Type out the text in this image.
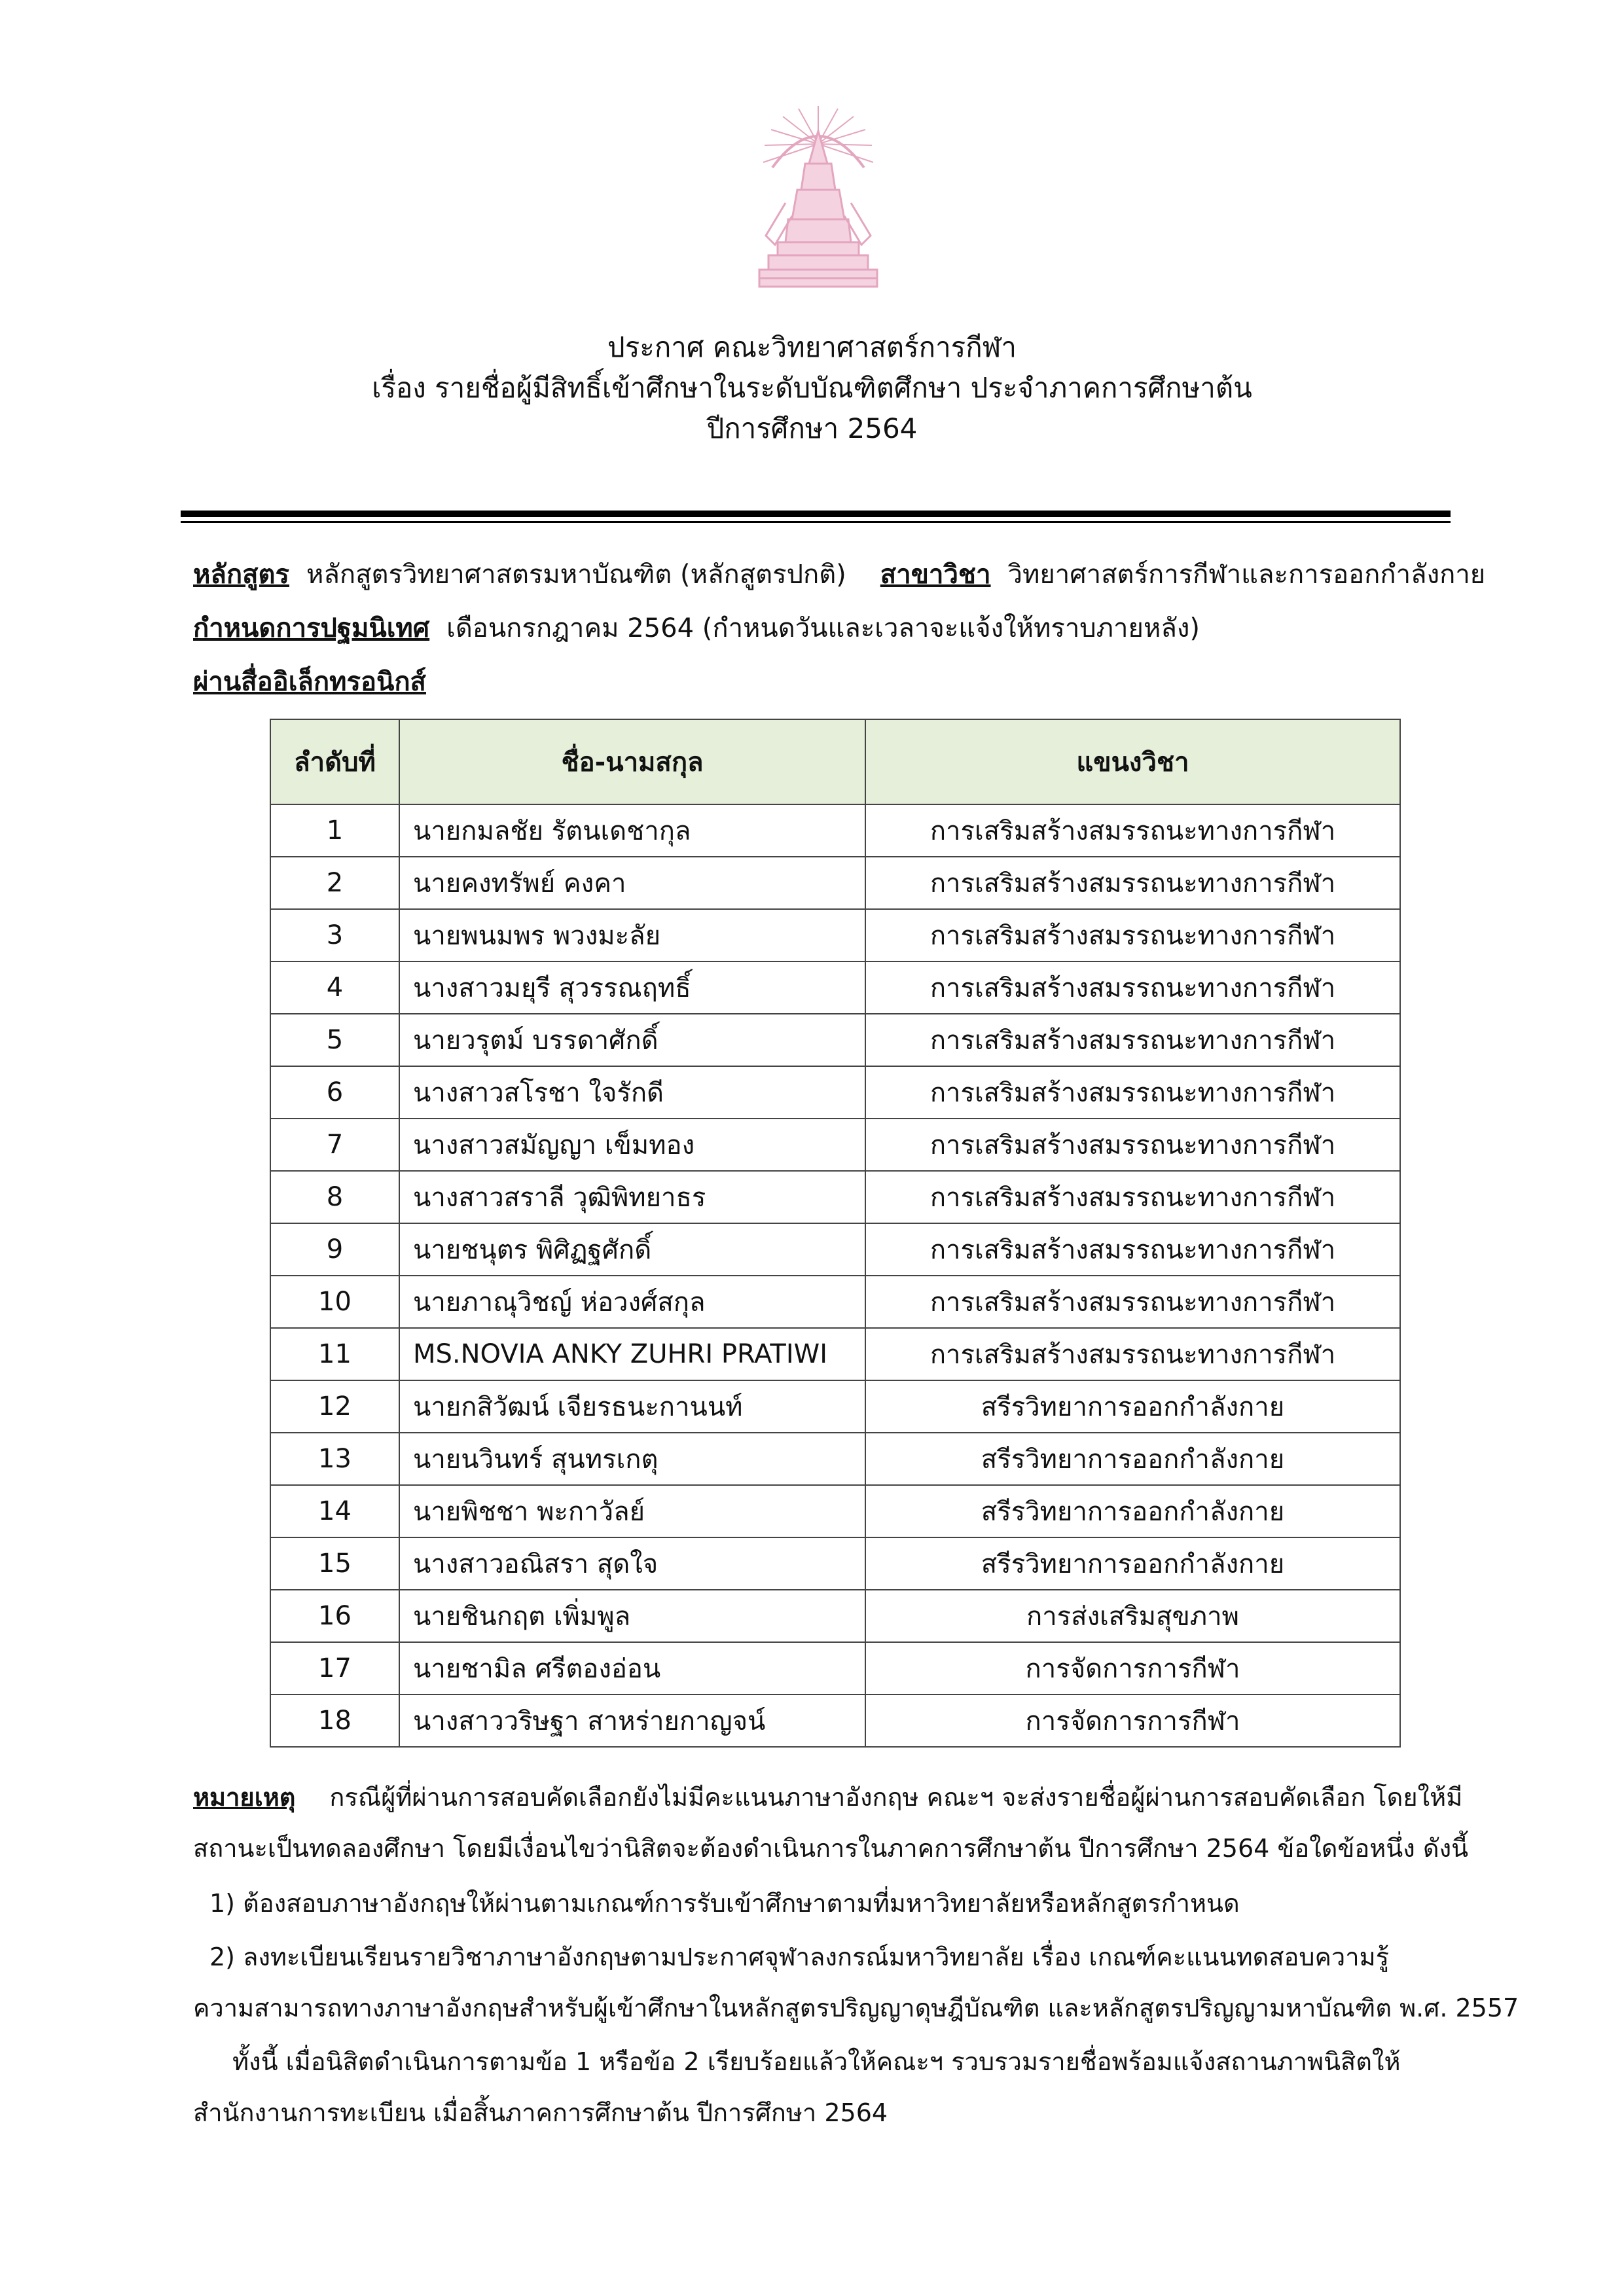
ประกาศ คณะวิทยาศาสตร์การกีฬา
เรื่อง รายชื่อผู้มีสิทธิ์เข้าศึกษาในระดับบัณฑิตศึกษา ประจำภาคการศึกษาต้น
ปีการศึกษา 2564
หลักสูตร หลักสูตรวิทยาศาสตรมหาบัณฑิต (หลักสูตรปกติ) สาขาวิชา วิทยาศาสตร์การกีฬาและการออกกำลังกาย
กำหนดการปฐมนิเทศ เดือนกรกฎาคม 2564 (กำหนดวันและเวลาจะแจ้งให้ทราบภายหลัง)
ผ่านสื่ออิเล็กทรอนิกส์
ลำดับที่	ชื่อ-นามสกุล	แขนงวิชา
1	นายกมลชัย รัตนเดชากุล	การเสริมสร้างสมรรถนะทางการกีฬา
2	นายคงทรัพย์ คงคา	การเสริมสร้างสมรรถนะทางการกีฬา
3	นายพนมพร พวงมะลัย	การเสริมสร้างสมรรถนะทางการกีฬา
4	นางสาวมยุรี สุวรรณฤทธิ์	การเสริมสร้างสมรรถนะทางการกีฬา
5	นายวรุตม์ บรรดาศักดิ์	การเสริมสร้างสมรรถนะทางการกีฬา
6	นางสาวสโรชา ใจรักดี	การเสริมสร้างสมรรถนะทางการกีฬา
7	นางสาวสมัญญา เข็มทอง	การเสริมสร้างสมรรถนะทางการกีฬา
8	นางสาวสราลี วุฒิพิทยาธร	การเสริมสร้างสมรรถนะทางการกีฬา
9	นายชนุตร พิศิฏฐศักดิ์	การเสริมสร้างสมรรถนะทางการกีฬา
10	นายภาณุวิชญ์ ห่อวงศ์สกุล	การเสริมสร้างสมรรถนะทางการกีฬา
11	MS.NOVIA ANKY ZUHRI PRATIWI	การเสริมสร้างสมรรถนะทางการกีฬา
12	นายกสิวัฒน์ เจียรธนะกานนท์	สรีรวิทยาการออกกำลังกาย
13	นายนวินทร์ สุนทรเกตุ	สรีรวิทยาการออกกำลังกาย
14	นายพิชชา พะกาวัลย์	สรีรวิทยาการออกกำลังกาย
15	นางสาวอณิสรา สุดใจ	สรีรวิทยาการออกกำลังกาย
16	นายชินกฤต เพิ่มพูล	การส่งเสริมสุขภาพ
17	นายชามิล ศรีตองอ่อน	การจัดการการกีฬา
18	นางสาววริษฐา สาหร่ายกาญจน์	การจัดการการกีฬา
หมายเหตุ กรณีผู้ที่ผ่านการสอบคัดเลือกยังไม่มีคะแนนภาษาอังกฤษ คณะฯ จะส่งรายชื่อผู้ผ่านการสอบคัดเลือก โดยให้มี
สถานะเป็นทดลองศึกษา โดยมีเงื่อนไขว่านิสิตจะต้องดำเนินการในภาคการศึกษาต้น ปีการศึกษา 2564 ข้อใดข้อหนึ่ง ดังนี้
1) ต้องสอบภาษาอังกฤษให้ผ่านตามเกณฑ์การรับเข้าศึกษาตามที่มหาวิทยาลัยหรือหลักสูตรกำหนด
2) ลงทะเบียนเรียนรายวิชาภาษาอังกฤษตามประกาศจุฬาลงกรณ์มหาวิทยาลัย เรื่อง เกณฑ์คะแนนทดสอบความรู้
ความสามารถทางภาษาอังกฤษสำหรับผู้เข้าศึกษาในหลักสูตรปริญญาดุษฎีบัณฑิต และหลักสูตรปริญญามหาบัณฑิต พ.ศ. 2557
ทั้งนี้ เมื่อนิสิตดำเนินการตามข้อ 1 หรือข้อ 2 เรียบร้อยแล้วให้คณะฯ รวบรวมรายชื่อพร้อมแจ้งสถานภาพนิสิตให้
สำนักงานการทะเบียน เมื่อสิ้นภาคการศึกษาต้น ปีการศึกษา 2564
